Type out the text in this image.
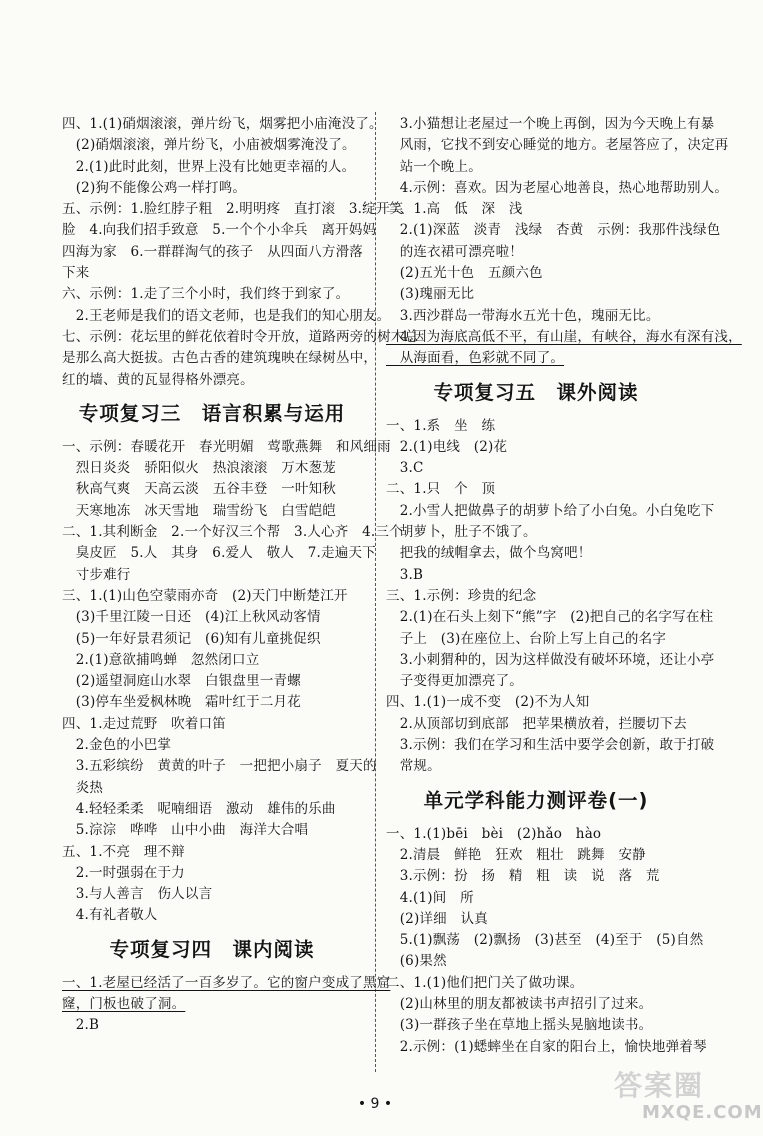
四、1.(1)硝烟滚滚，弹片纷飞，烟雾把小庙淹没了。
　(2)硝烟滚滚，弹片纷飞，小庙被烟雾淹没了。
　2.(1)此时此刻，世界上没有比她更幸福的人。
　(2)狗不能像公鸡一样打鸣。
五、示例：1.脸红脖子粗　2.明明疼　直打滚　3.绽开笑
脸　4.向我们招手致意　5.一个个小伞兵　离开妈妈
四海为家　6.一群群淘气的孩子　从四面八方滑落
下来
六、示例：1.走了三个小时，我们终于到家了。
　2.王老师是我们的语文老师，也是我们的知心朋友。
七、示例：花坛里的鲜花依着时令开放，道路两旁的树木总
是那么高大挺拔。古色古香的建筑瑰映在绿树丛中，
红的墙、黄的瓦显得格外漂亮。
专项复习三　语言积累与运用
一、示例：春暖花开　春光明媚　莺歌燕舞　和风细雨
　烈日炎炎　骄阳似火　热浪滚滚　万木葱茏
　秋高气爽　天高云淡　五谷丰登　一叶知秋
　天寒地冻　冰天雪地　瑞雪纷飞　白雪皑皑
二、1.其利断金　2.一个好汉三个帮　3.人心齐　4.三个
　臭皮匠　5.人　其身　6.爱人　敬人　7.走遍天下
　寸步难行
三、1.(1)山色空蒙雨亦奇　(2)天门中断楚江开
　(3)千里江陵一日还　(4)江上秋风动客情
　(5)一年好景君须记　(6)知有儿童挑促织
　2.(1)意欲捕鸣蝉　忽然闭口立
　(2)遥望洞庭山水翠　白银盘里一青螺
　(3)停车坐爱枫林晚　霜叶红于二月花
四、1.走过荒野　吹着口笛
　2.金色的小巴掌
　3.五彩缤纷　黄黄的叶子　一把把小扇子　夏天的
　炎热
　4.轻轻柔柔　呢喃细语　激动　雄伟的乐曲
　5.淙淙　哗哗　山中小曲　海洋大合唱
五、1.不亮　理不辩
　2.一时强弱在于力
　3.与人善言　伤人以言
　4.有礼者敬人
专项复习四　课内阅读
一、1.老屋已经活了一百多岁了。它的窗户变成了黑窟
窿，门板也破了洞。
　2.B
　3.小猫想让老屋过一个晚上再倒，因为今天晚上有暴
　风雨，它找不到安心睡觉的地方。老屋答应了，决定再
　站一个晚上。
　4.示例：喜欢。因为老屋心地善良，热心地帮助别人。
二、1.高　低　深　浅
　2.(1)深蓝　淡青　浅绿　杏黄　示例：我那件浅绿色
　的连衣裙可漂亮啦！
　(2)五光十色　五颜六色
　(3)瑰丽无比
　3.西沙群岛一带海水五光十色，瑰丽无比。
　4.因为海底高低不平，有山崖，有峡谷，海水有深有浅，
　从海面看，色彩就不同了。
专项复习五　课外阅读
一、1.系　坐　练
　2.(1)电线　(2)花
　3.C
二、1.只　个　顶
　2.小雪人把做鼻子的胡萝卜给了小白兔。小白兔吃下
　胡萝卜，肚子不饿了。
　把我的绒帽拿去，做个鸟窝吧！
　3.B
三、1.示例：珍贵的纪念
　2.(1)在石头上刻下“熊”字　(2)把自己的名字写在柱
　子上　(3)在座位上、台阶上写上自己的名字
　3.小刺猬种的，因为这样做没有破坏环境，还让小亭
　子变得更加漂亮了。
四、1.(1)一成不变　(2)不为人知
　2.从顶部切到底部　把苹果横放着，拦腰切下去
　3.示例：我们在学习和生活中要学会创新，敢于打破
　常规。
单元学科能力测评卷(一)
一、1.(1)bēi　bèi　(2)hǎo　hào
　2.清晨　鲜艳　狂欢　粗壮　跳舞　安静
　3.示例：扮　扬　精　粗　读　说　落　荒
　4.(1)间　所
　(2)详细　认真
　5.(1)飘荡　(2)飘扬　(3)甚至　(4)至于　(5)自然
　(6)果然
二、1.(1)他们把门关了做功课。
　(2)山林里的朋友都被读书声招引了过来。
　(3)一群孩子坐在草地上摇头晃脑地读书。
　2.示例：(1)蟋蟀坐在自家的阳台上，愉快地弹着琴
• 9 •
答案圈
MXQE.COM
